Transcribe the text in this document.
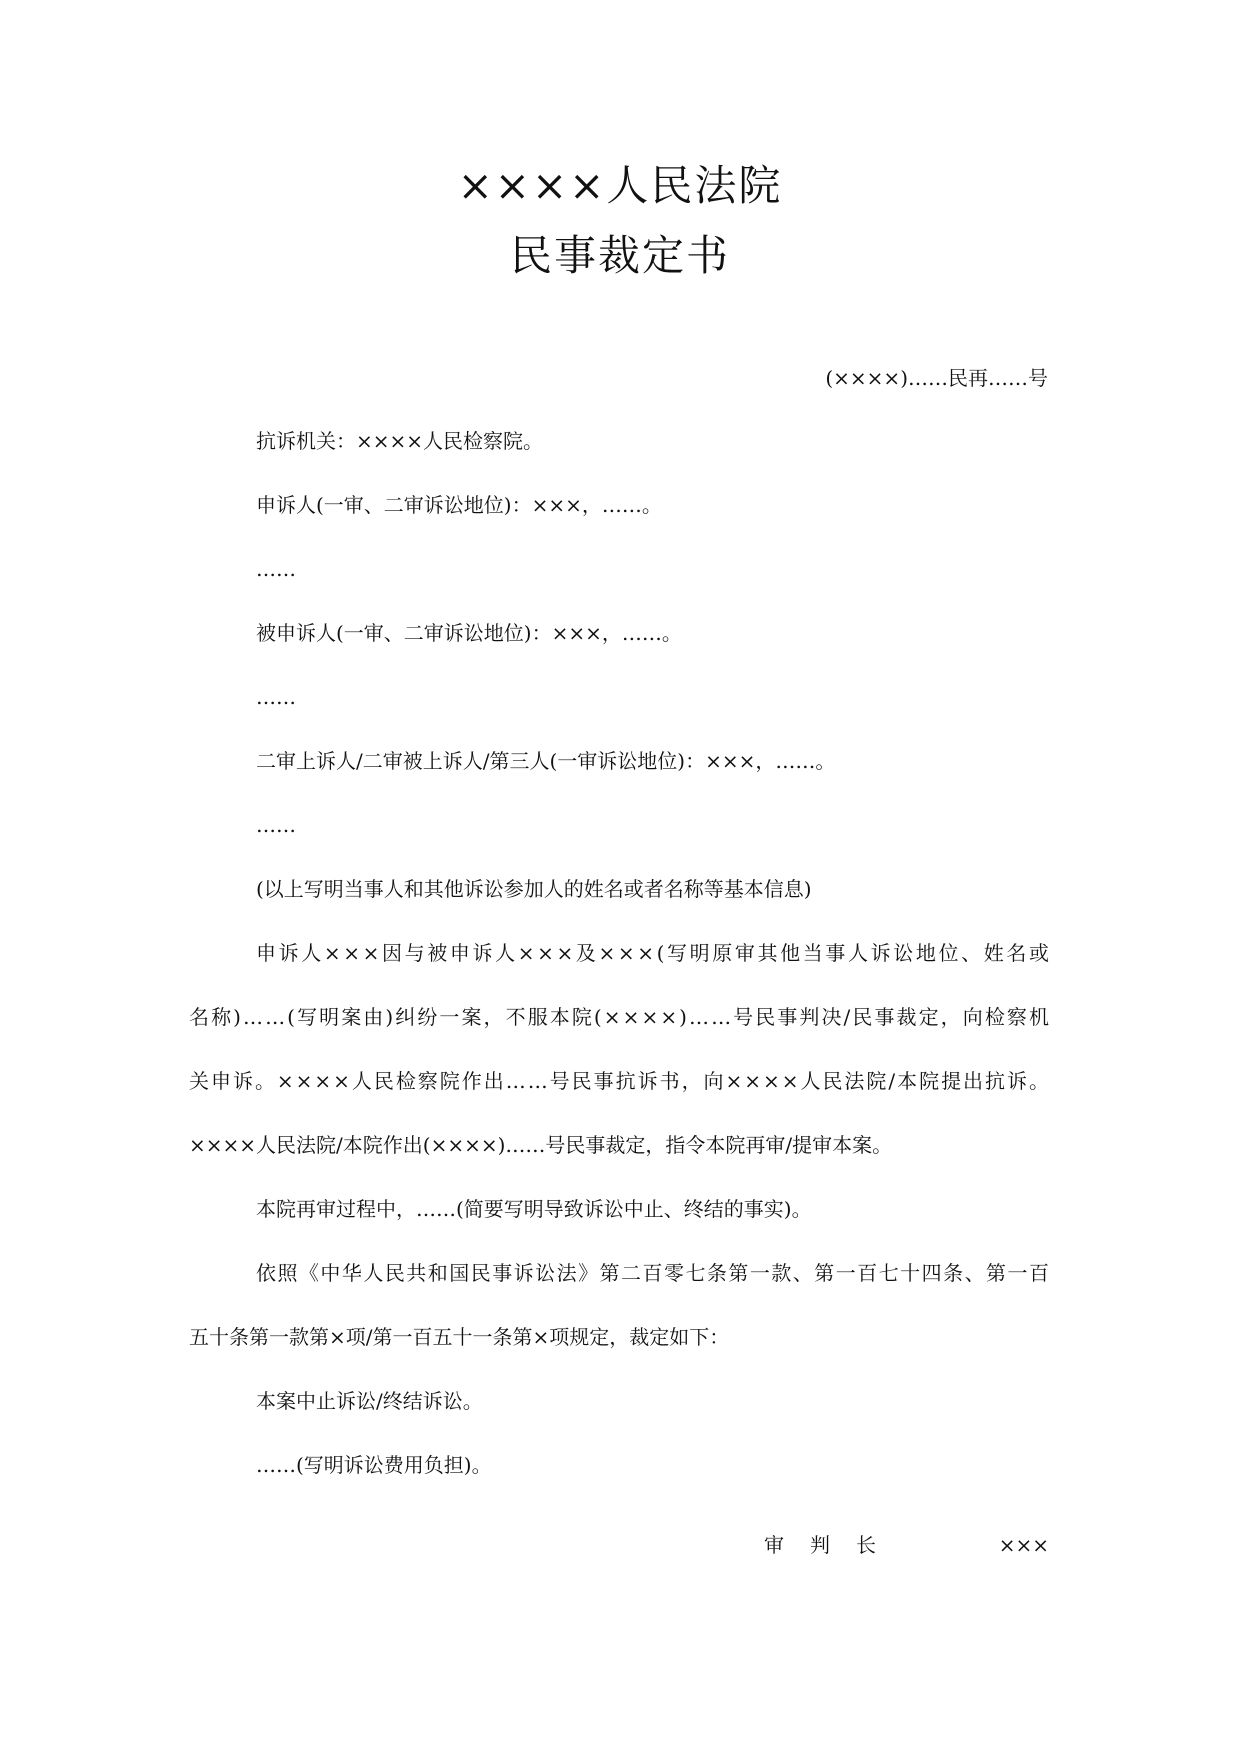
××××人民法院
民事裁定书
(××××)……民再……号
抗诉机关：××××人民检察院。
申诉人(一审、二审诉讼地位)：×××，……。
……
被申诉人(一审、二审诉讼地位)：×××，……。
……
二审上诉人/二审被上诉人/第三人(一审诉讼地位)：×××，……。
……
(以上写明当事人和其他诉讼参加人的姓名或者名称等基本信息)
申诉人×××因与被申诉人×××及×××(写明原审其他当事人诉讼地位、姓名或
名称)……(写明案由)纠纷一案，不服本院(××××)……号民事判决/民事裁定，向检察机
关申诉。××××人民检察院作出……号民事抗诉书，向××××人民法院/本院提出抗诉。
××××人民法院/本院作出(××××)……号民事裁定，指令本院再审/提审本案。
本院再审过程中，……(简要写明导致诉讼中止、终结的事实)。
依照《中华人民共和国民事诉讼法》第二百零七条第一款、第一百七十四条、第一百
五十条第一款第×项/第一百五十一条第×项规定，裁定如下：
本案中止诉讼/终结诉讼。
……(写明诉讼费用负担)。
审判长	×××
